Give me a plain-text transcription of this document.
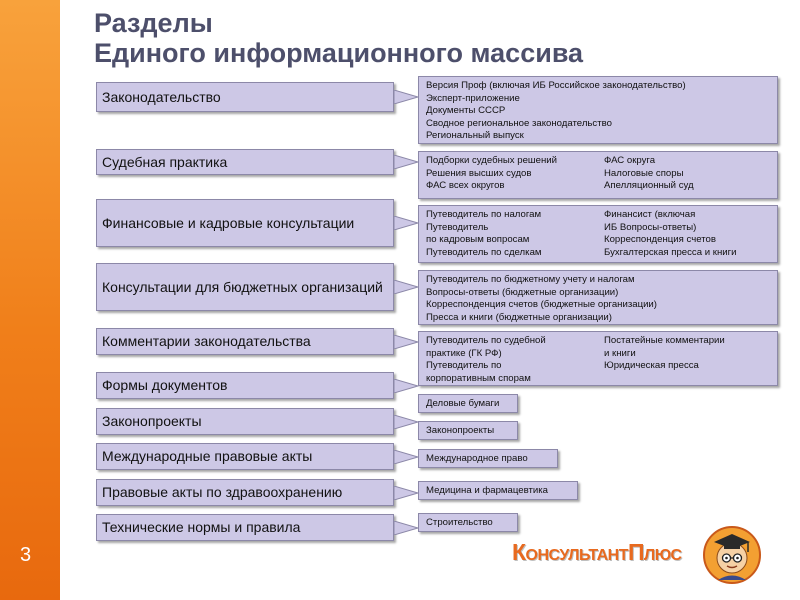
3
Разделы
Единого информационного массива
Законодательство
Версия Проф (включая ИБ Российское законодательство)
Эксперт-приложение
Документы СССР
Сводное региональное законодательство
Региональный выпуск
Судебная практика	Подборки судебных решений
Решения высших судов
ФАС всех округов
ФАС округа
Налоговые споры
Апелляционный суд
Финансовые и кадровые консультации	Путеводитель по налогам
Путеводитель
по кадровым вопросам
Путеводитель по сделкам
Финансист (включая
ИБ Вопросы-ответы)
Корреспонденция счетов
Бухгалтерская пресса и книги
Консультации для бюджетных организаций	Путеводитель по бюджетному учету и налогам
Вопросы-ответы (бюджетные организации)
Корреспонденция счетов (бюджетные организации)
Пресса и книги (бюджетные организации)
Комментарии законодательства	Путеводитель по судебной
практике (ГК РФ)
Путеводитель по
корпоративным спорам
Постатейные комментарии
и книги
Юридическая пресса
Формы документов
Деловые бумаги
Законопроекты
Законопроекты
Международные правовые акты	Международное право
Правовые акты по здравоохранению	Медицина и фармацевтика
Технические нормы и правила	Строительство
КонсультантПлюс
